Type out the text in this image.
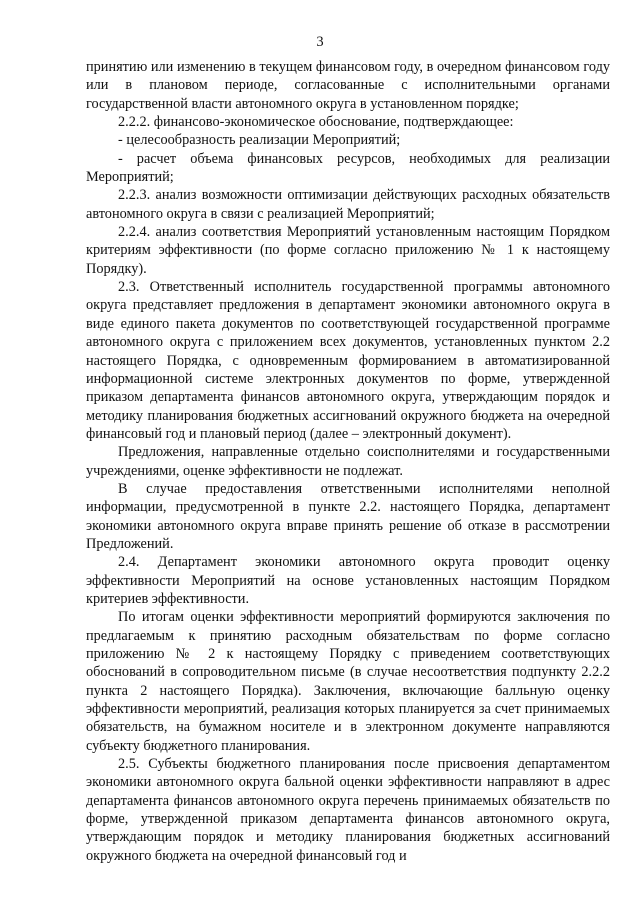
3

принятию или изменению в текущем финансовом году, в очередном финансовом году или в плановом периоде, согласованные с исполнительными органами государственной власти автономного округа в установленном порядке;

2.2.2. финансово-экономическое обоснование, подтверждающее:

- целесообразность реализации Мероприятий;

- расчет объема финансовых ресурсов, необходимых для реализации Мероприятий;

2.2.3. анализ возможности оптимизации действующих расходных обязательств автономного округа в связи с реализацией Мероприятий;

2.2.4. анализ соответствия Мероприятий установленным настоящим Порядком критериям эффективности (по форме согласно приложению № 1 к настоящему Порядку).

2.3. Ответственный исполнитель государственной программы автономного округа представляет предложения в департамент экономики автономного округа в виде единого пакета документов по соответствующей государственной программе автономного округа с приложением всех документов, установленных пунктом 2.2 настоящего Порядка, с одновременным формированием в автоматизированной информационной системе электронных документов по форме, утвержденной приказом департамента финансов автономного округа, утверждающим порядок и методику планирования бюджетных ассигнований окружного бюджета на очередной финансовый год и плановый период (далее – электронный документ).

Предложения, направленные отдельно соисполнителями и государственными учреждениями, оценке эффективности не подлежат.

В случае предоставления ответственными исполнителями неполной информации, предусмотренной в пункте 2.2. настоящего Порядка, департамент экономики автономного округа вправе принять решение об отказе в рассмотрении Предложений.

2.4. Департамент экономики автономного округа проводит оценку эффективности Мероприятий на основе установленных настоящим Порядком критериев эффективности.

По итогам оценки эффективности мероприятий формируются заключения по предлагаемым к принятию расходным обязательствам по форме согласно приложению № 2 к настоящему Порядку с приведением соответствующих обоснований в сопроводительном письме (в случае несоответствия подпункту 2.2.2 пункта 2 настоящего Порядка). Заключения, включающие балльную оценку эффективности мероприятий, реализация которых планируется за счет принимаемых обязательств, на бумажном носителе и в электронном документе направляются субъекту бюджетного планирования.

2.5. Субъекты бюджетного планирования после присвоения департаментом экономики автономного округа бальной оценки эффективности направляют в адрес департамента финансов автономного округа перечень принимаемых обязательств по форме, утвержденной приказом департамента финансов автономного округа, утверждающим порядок и методику планирования бюджетных ассигнований окружного бюджета на очередной финансовый год и
